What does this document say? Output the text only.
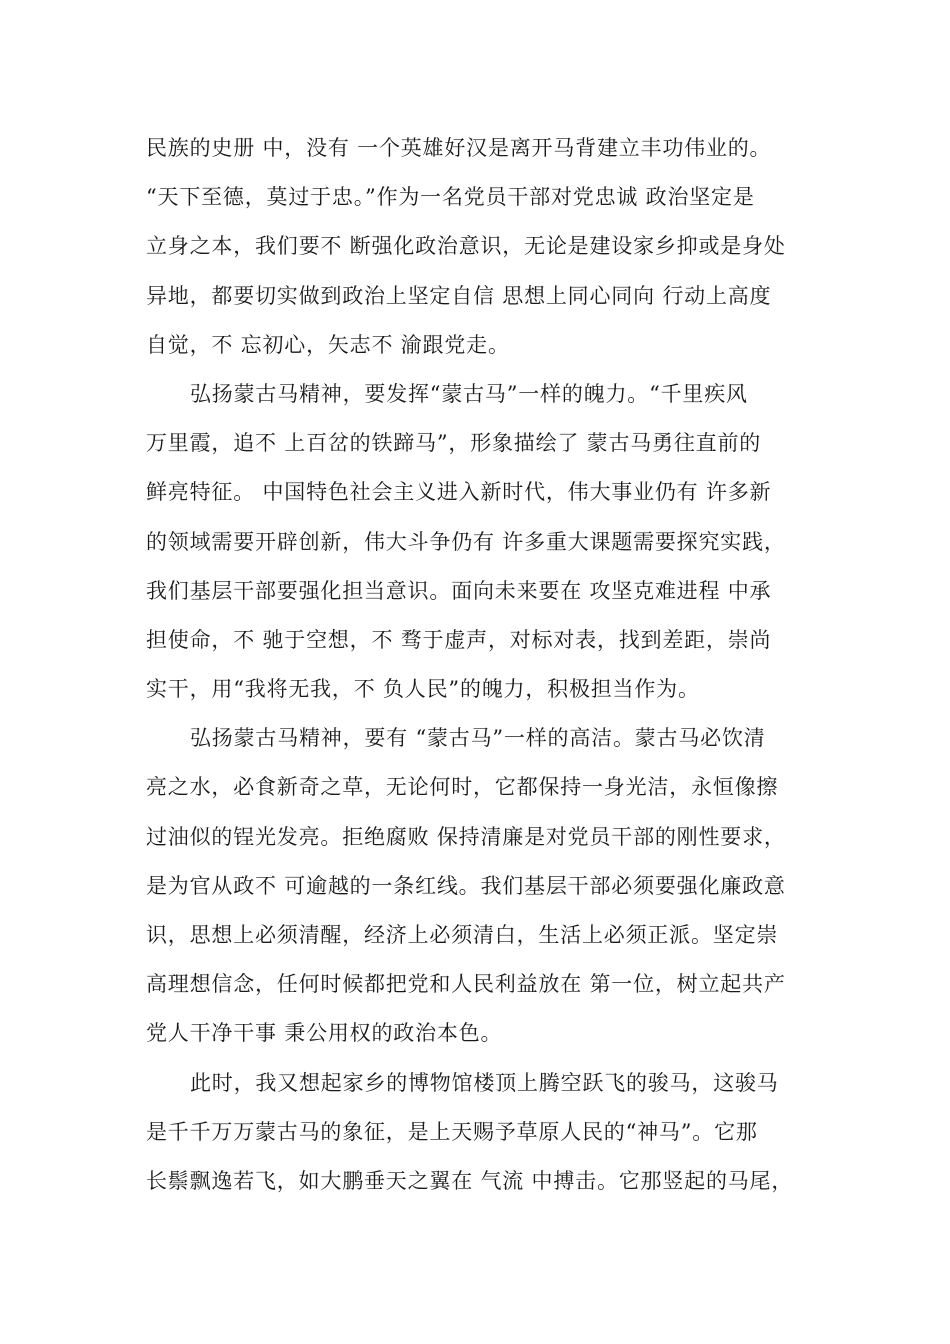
民族的史册 中，没有 一个英雄好汉是离开马背建立丰功伟业的。
“天下至德，莫过于忠。”作为一名党员干部对党忠诚 政治坚定是
立身之本，我们要不 断强化政治意识，无论是建设家乡抑或是身处
异地，都要切实做到政治上坚定自信 思想上同心同向 行动上高度
自觉，不 忘初心，矢志不 渝跟党走。
弘扬蒙古马精神，要发挥“蒙古马”一样的魄力。“千里疾风
万里霞，追不 上百岔的铁蹄马”，形象描绘了 蒙古马勇往直前的
鲜亮特征。 中国特色社会主义进入新时代，伟大事业仍有 许多新
的领域需要开辟创新，伟大斗争仍有 许多重大课题需要探究实践，
我们基层干部要强化担当意识。面向未来要在 攻坚克难进程 中承
担使命，不 驰于空想，不 骛于虚声，对标对表，找到差距，崇尚
实干，用“我将无我，不 负人民”的魄力，积极担当作为。
弘扬蒙古马精神，要有 “蒙古马”一样的高洁。蒙古马必饮清
亮之水，必食新奇之草，无论何时，它都保持一身光洁，永恒像擦
过油似的锃光发亮。拒绝腐败 保持清廉是对党员干部的刚性要求，
是为官从政不 可逾越的一条红线。我们基层干部必须要强化廉政意
识，思想上必须清醒，经济上必须清白，生活上必须正派。坚定崇
高理想信念，任何时候都把党和人民利益放在 第一位，树立起共产
党人干净干事 秉公用权的政治本色。
此时，我又想起家乡的博物馆楼顶上腾空跃飞的骏马，这骏马
是千千万万蒙古马的象征，是上天赐予草原人民的“神马”。它那
长鬃飘逸若飞，如大鹏垂天之翼在 气流 中搏击。它那竖起的马尾，
